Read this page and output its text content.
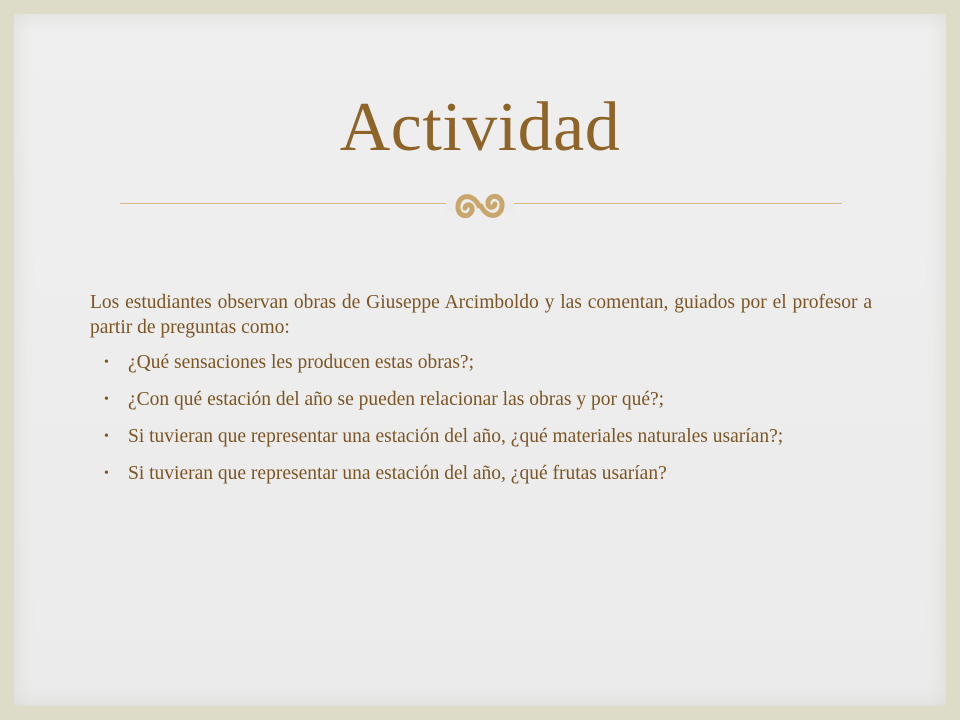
Actividad

Los estudiantes observan obras de Giuseppe Arcimboldo y las comentan, guiados por el profesor a partir de preguntas como:

• ¿Qué sensaciones les producen estas obras?;
• ¿Con qué estación del año se pueden relacionar las obras y por qué?;
• Si tuvieran que representar una estación del año, ¿qué materiales naturales usarían?;
• Si tuvieran que representar una estación del año, ¿qué frutas usarían?
